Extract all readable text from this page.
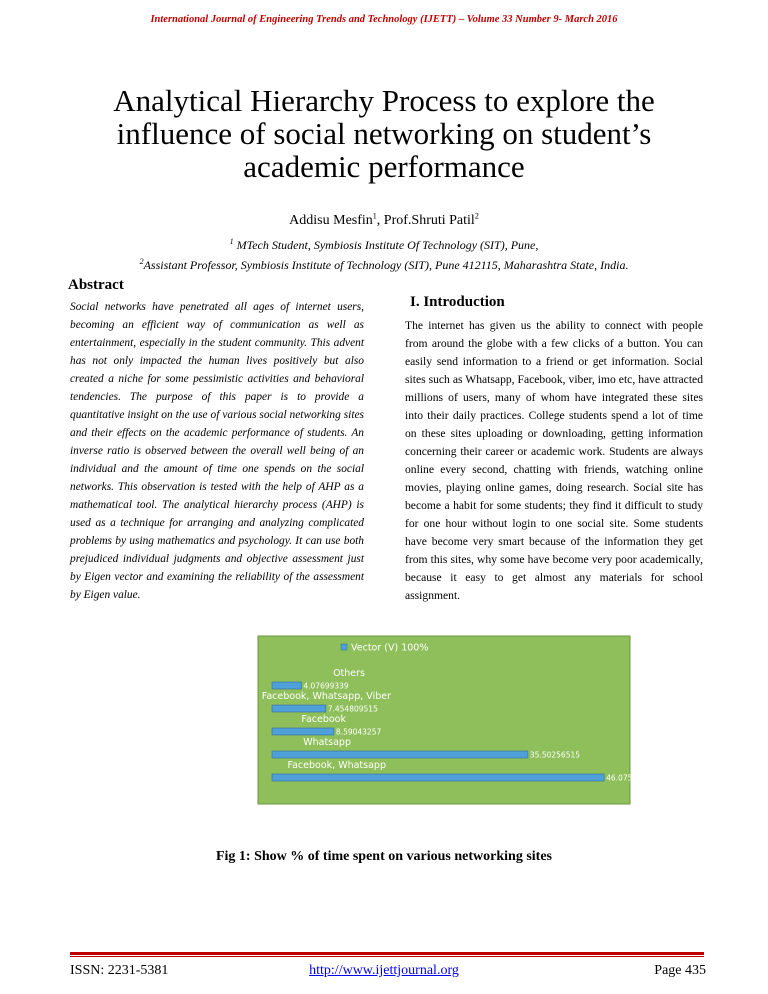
International Journal of Engineering Trends and Technology (IJETT) – Volume 33 Number 9- March 2016
Analytical Hierarchy Process to explore the influence of social networking on student’s academic performance
Addisu Mesfin$^1$, Prof.Shruti Patil$^2$
$^1$ MTech Student, Symbiosis Institute Of Technology (SIT), Pune,
$^2$Assistant Professor, Symbiosis Institute of Technology (SIT), Pune 412115, Maharashtra State, India.
Abstract

Social networks have penetrated all ages of internet users, becoming an efficient way of communication as well as entertainment, especially in the student community. This advent has not only impacted the human lives positively but also created a niche for some pessimistic activities and behavioral tendencies. The purpose of this paper is to provide a quantitative insight on the use of various social networking sites and their effects on the academic performance of students. An inverse ratio is observed between the overall well being of an individual and the amount of time one spends on the social networks. This observation is tested with the help of AHP as a mathematical tool. The analytical hierarchy process (AHP) is used as a technique for arranging and analyzing complicated problems by using mathematics and psychology. It can use both prejudiced individual judgments and objective assessment just by Eigen vector and examining the reliability of the assessment by Eigen value.

I. Introduction

The internet has given us the ability to connect with people from around the globe with a few clicks of a button. You can easily send information to a friend or get information. Social sites such as Whatsapp, Facebook, viber, imo etc, have attracted millions of users, many of whom have integrated these sites into their daily practices. College students spend a lot of time on these sites uploading or downloading, getting information concerning their career or academic work. Students are always online every second, chatting with friends, watching online movies, playing online games, doing research. Social site has become a habit for some students; they find it difficult to study for one hour without login to one social site. Some students have become very smart because of the information they get from this sites, why some have become very poor academically, because it easy to get almost any materials for school assignment.

Vector (V) 100%
Others
4.07699339
Facebook, Whatsapp, Viber
7.454809515
Facebook
8.59043257
Whatsapp
35.50256515
Facebook, Whatsapp
46.07570539
Fig 1: Show % of time spent on various networking sites
ISSN: 2231-5381	http://www.ijettjournal.org	Page 435
